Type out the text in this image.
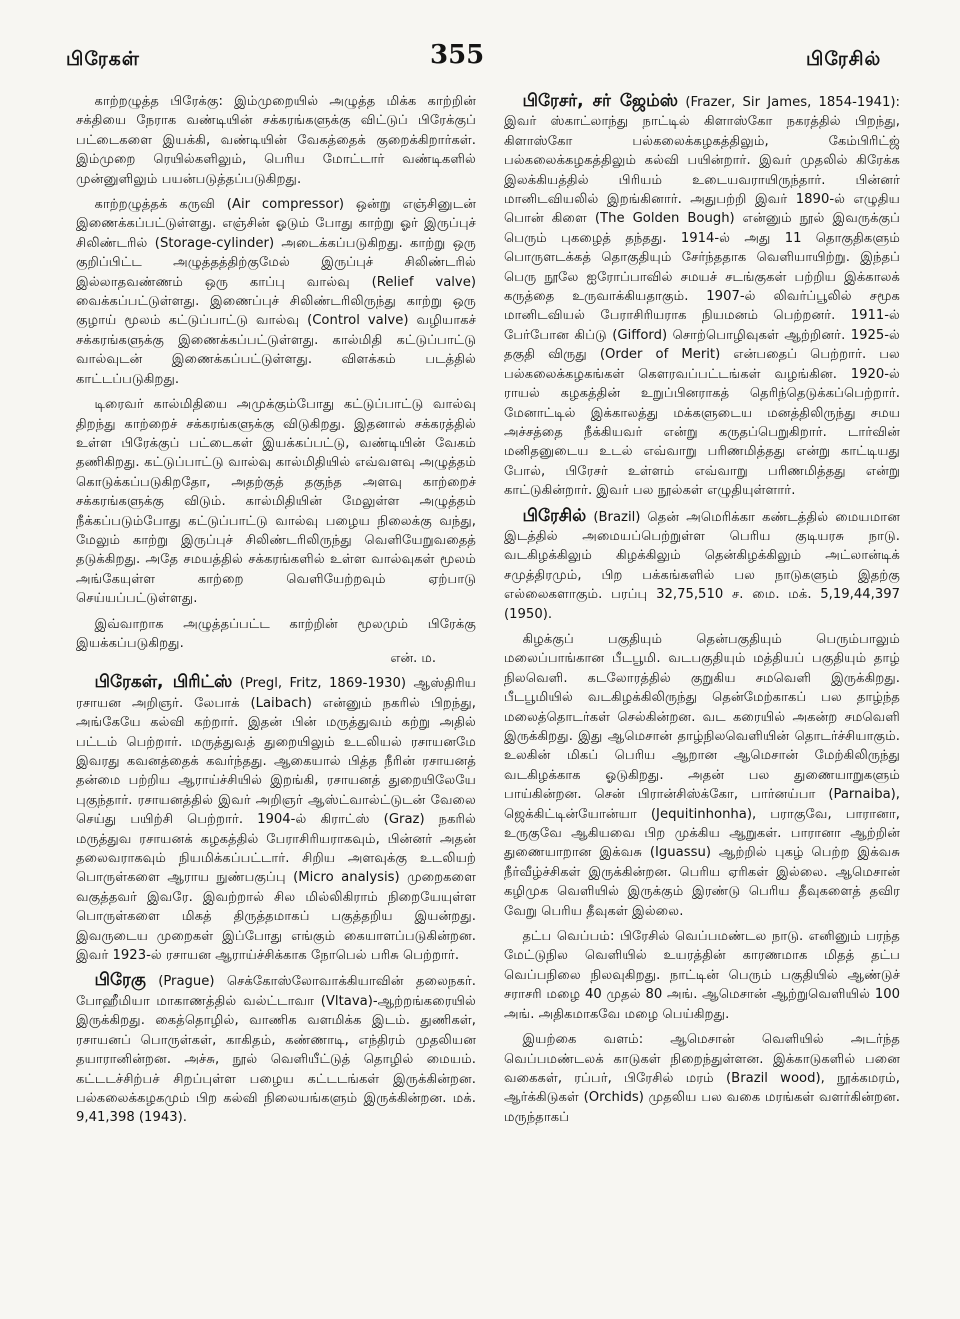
பிரேகள்	355	பிரேசில்

காற்றழுத்த பிரேக்கு: இம்முறையில் அழுத்த மிக்க காற்றின் சக்தியை நேராக வண்டியின் சக்கரங்களுக்கு விட்டுப் பிரேக்குப் பட்டைகளை இயக்கி, வண்டியின் வேகத்தைக் குறைக்கிறார்கள். இம்முறை ரெயில்களிலும், பெரிய மோட்டார் வண்டிகளில் முன்னுளிலும் பயன்படுத்தப்படுகிறது.

காற்றழுத்தக் கருவி (Air compressor) ஒன்று எஞ்சினுடன் இணைக்கப்பட்டுள்ளது. எஞ்சின் ஓடும் போது காற்று ஓர் இருப்புச் சிலிண்டரில் (Storage-cylinder) அடைக்கப்படுகிறது. காற்று ஒரு குறிப்பிட்ட அழுத்தத்திற்குமேல் இருப்புச் சிலிண்டரில் இல்லாதவண்ணம் ஒரு காப்பு வால்வு (Relief valve) வைக்கப்பட்டுள்ளது. இணைப்புச் சிலிண்டரிலிருந்து காற்று ஒரு குழாய் மூலம் கட்டுப்பாட்டு வால்வு (Control valve) வழியாகச் சக்கரங்களுக்கு இணைக்கப்பட்டுள்ளது. கால்மிதி கட்டுப்பாட்டு வால்வுடன் இணைக்கப்பட்டுள்ளது. விளக்கம் படத்தில் காட்டப்படுகிறது.

டிரைவர் கால்மிதியை அமுக்கும்போது கட்டுப்பாட்டு வால்வு திறந்து காற்றைச் சக்கரங்களுக்கு விடுகிறது. இதனால் சக்கரத்தில் உள்ள பிரேக்குப் பட்டைகள் இயக்கப்பட்டு, வண்டியின் வேகம் தணிகிறது. கட்டுப்பாட்டு வால்வு கால்மிதியில் எவ்வளவு அழுத்தம் கொடுக்கப்படுகிறதோ, அதற்குத் தகுந்த அளவு காற்றைச் சக்கரங்களுக்கு விடும். கால்மிதியின் மேலுள்ள அழுத்தம் நீக்கப்படும்போது கட்டுப்பாட்டு வால்வு பழைய நிலைக்கு வந்து, மேலும் காற்று இருப்புச் சிலிண்டரிலிருந்து வெளியேறுவதைத் தடுக்கிறது. அதே சமயத்தில் சக்கரங்களில் உள்ள வால்வுகள் மூலம் அங்கேயுள்ள காற்றை வெளியேற்றவும் ஏற்பாடு செய்யப்பட்டுள்ளது.

இவ்வாறாக அழுத்தப்பட்ட காற்றின் மூலமும் பிரேக்கு இயக்கப்படுகிறது.

என். ம.

பிரேகள், பிரிட்ஸ் (Pregl, Fritz, 1869-1930) ஆஸ்திரிய ரசாயன அறிஞர். லேபாக் (Laibach) என்னும் நகரில் பிறந்து, அங்கேயே கல்வி கற்றார். இதன் பின் மருத்துவம் கற்று அதில் பட்டம் பெற்றார். மருத்துவத் துறையிலும் உடலியல் ரசாயனமே இவரது கவனத்தைக் கவர்ந்தது. ஆகையால் பித்த நீரின் ரசாயனத் தன்மை பற்றிய ஆராய்ச்சியில் இறங்கி, ரசாயனத் துறையிலேயே புகுந்தார். ரசாயனத்தில் இவர் அறிஞர் ஆஸ்ட்வால்ட்டுடன் வேலை செய்து பயிற்சி பெற்றார். 1904-ல் கிராட்ஸ் (Graz) நகரில் மருத்துவ ரசாயனக் கழகத்தில் பேராசிரியராகவும், பின்னர் அதன் தலைவராகவும் நியமிக்கப்பட்டார். சிறிய அளவுக்கு உடலியற் பொருள்களை ஆராய நுண்பகுப்பு (Micro analysis) முறைகளை வகுத்தவர் இவரே. இவற்றால் சில மில்லிகிராம் நிறையேயுள்ள பொருள்களை மிகத் திருத்தமாகப் பகுத்தறிய இயன்றது. இவருடைய முறைகள் இப்போது எங்கும் கையாளப்படுகின்றன. இவர் 1923-ல் ரசாயன ஆராய்ச்சிக்காக நோபெல் பரிசு பெற்றார்.

பிரேகு (Prague) செக்கோஸ்லோவாக்கியாவின் தலைநகர். போஹீமியா மாகாணத்தில் வல்ட்டாவா (Vltava)-ஆற்றங்கரையில் இருக்கிறது. கைத்தொழில், வாணிக வளமிக்க இடம். துணிகள், ரசாயனப் பொருள்கள், காகிதம், கண்ணாடி, எந்திரம் முதலியன தயாரானின்றன. அச்சு, நூல் வெளியீட்டுத் தொழில் மையம். கட்டடச்சிற்பச் சிறப்புள்ள பழைய கட்டடங்கள் இருக்கின்றன. பல்கலைக்கழகமும் பிற கல்வி நிலையங்களும் இருக்கின்றன. மக். 9,41,398 (1943).

பிரேசர், சர் ஜேம்ஸ் (Frazer, Sir James, 1854-1941): இவர் ஸ்காட்லாந்து நாட்டில் கிளாஸ்கோ நகரத்தில் பிறந்து, கிளாஸ்கோ பல்கலைக்கழகத்திலும், கேம்பிரிட்ஜ் பல்கலைக்கழகத்திலும் கல்வி பயின்றார். இவர் முதலில் கிரேக்க இலக்கியத்தில் பிரியம் உடையவராயிருந்தார். பின்னர் மானிடவியலில் இறங்கினார். அதுபற்றி இவர் 1890-ல் எழுதிய பொன் கிளை (The Golden Bough) என்னும் நூல் இவருக்குப் பெரும் புகழைத் தந்தது. 1914-ல் அது 11 தொகுதிகளும் பொருளடக்கத் தொகுதியும் சேர்ந்ததாக வெளியாயிற்று. இந்தப் பெரு நூலே ஐரோப்பாவில் சமயச் சடங்குகள் பற்றிய இக்காலக் கருத்தை உருவாக்கியதாகும். 1907-ல் லிவர்ப்பூலில் சமூக மானிடவியல் பேராசிரியராக நியமனம் பெற்றனர். 1911-ல் பேர்போன கிப்டு (Gifford) சொற்பொழிவுகள் ஆற்றினர். 1925-ல் தகுதி விருது (Order of Merit) என்பதைப் பெற்றார். பல பல்கலைக்கழகங்கள் கௌரவப்பட்டங்கள் வழங்கின. 1920-ல் ராயல் கழகத்தின் உறுப்பினராகத் தெரிந்தெடுக்கப்பெற்றார். மேனாட்டில் இக்காலத்து மக்களுடைய மனத்திலிருந்து சமய அச்சத்தை நீக்கியவர் என்று கருதப்பெறுகிறார். டார்வின் மனிதனுடைய உடல் எவ்வாறு பரிணமித்தது என்று காட்டியது போல், பிரேசர் உள்ளம் எவ்வாறு பரிணமித்தது என்று காட்டுகின்றார். இவர் பல நூல்கள் எழுதியுள்ளார்.

பிரேசில் (Brazil) தென் அமெரிக்கா கண்டத்தில் மையமான இடத்தில் அமையப்பெற்றுள்ள பெரிய குடியரசு நாடு. வடகிழக்கிலும் கிழக்கிலும் தென்கிழக்கிலும் அட்லான்டிக் சமுத்திரமும், பிற பக்கங்களில் பல நாடுகளும் இதற்கு எல்லைகளாகும். பரப்பு 32,75,510 ச. மை. மக். 5,19,44,397 (1950).

கிழக்குப் பகுதியும் தென்பகுதியும் பெரும்பாலும் மலைப்பாங்கான பீடபூமி. வடபகுதியும் மத்தியப் பகுதியும் தாழ் நிலவெளி. கடலோரத்தில் குறுகிய சமவெளி இருக்கிறது. பீடபூமியில் வடகிழக்கிலிருந்து தென்மேற்காகப் பல தாழ்ந்த மலைத்தொடர்கள் செல்கின்றன. வட கரையில் அகன்ற சமவெளி இருக்கிறது. இது ஆமெசான் தாழ்நிலவெளியின் தொடர்ச்சியாகும். உலகின் மிகப் பெரிய ஆறான ஆமெசான் மேற்கிலிருந்து வடகிழக்காக ஓடுகிறது. அதன் பல துணையாறுகளும் பாய்கின்றன. சென் பிரான்சிஸ்க்கோ, பார்னய்பா (Parnaiba), ஜெக்கிட்டின்யோன்யா (Jequitinhonha), பராகுவே, பாரானா, உருகுவே ஆகியவை பிற முக்கிய ஆறுகள். பாரானா ஆற்றின் துணையாறான இக்வசு (Iguassu) ஆற்றில் புகழ் பெற்ற இக்வசு நீர்வீழ்ச்சிகள் இருக்கின்றன. பெரிய ஏரிகள் இல்லை. ஆமெசான் கழிமுக வெளியில் இருக்கும் இரண்டு பெரிய தீவுகளைத் தவிர வேறு பெரிய தீவுகள் இல்லை.

தட்ப வெப்பம்: பிரேசில் வெப்பமண்டல நாடு. எனினும் பரந்த மேட்டுநில வெளியில் உயரத்தின் காரணமாக மிதத் தட்ப வெப்பநிலை நிலவுகிறது. நாட்டின் பெரும் பகுதியில் ஆண்டுச் சராசரி மழை 40 முதல் 80 அங். ஆமெசான் ஆற்றுவெளியில் 100 அங். அதிகமாகவே மழை பெய்கிறது.

இயற்கை வளம்: ஆமெசான் வெளியில் அடர்ந்த வெப்பமண்டலக் காடுகள் நிறைந்துள்ளன. இக்காடுகளில் பனை வகைகள், ரப்பர், பிரேசில் மரம் (Brazil wood), நூக்கமரம், ஆர்க்கிடுகள் (Orchids) முதலிய பல வகை மரங்கள் வளர்கின்றன. மருந்தாகப்
